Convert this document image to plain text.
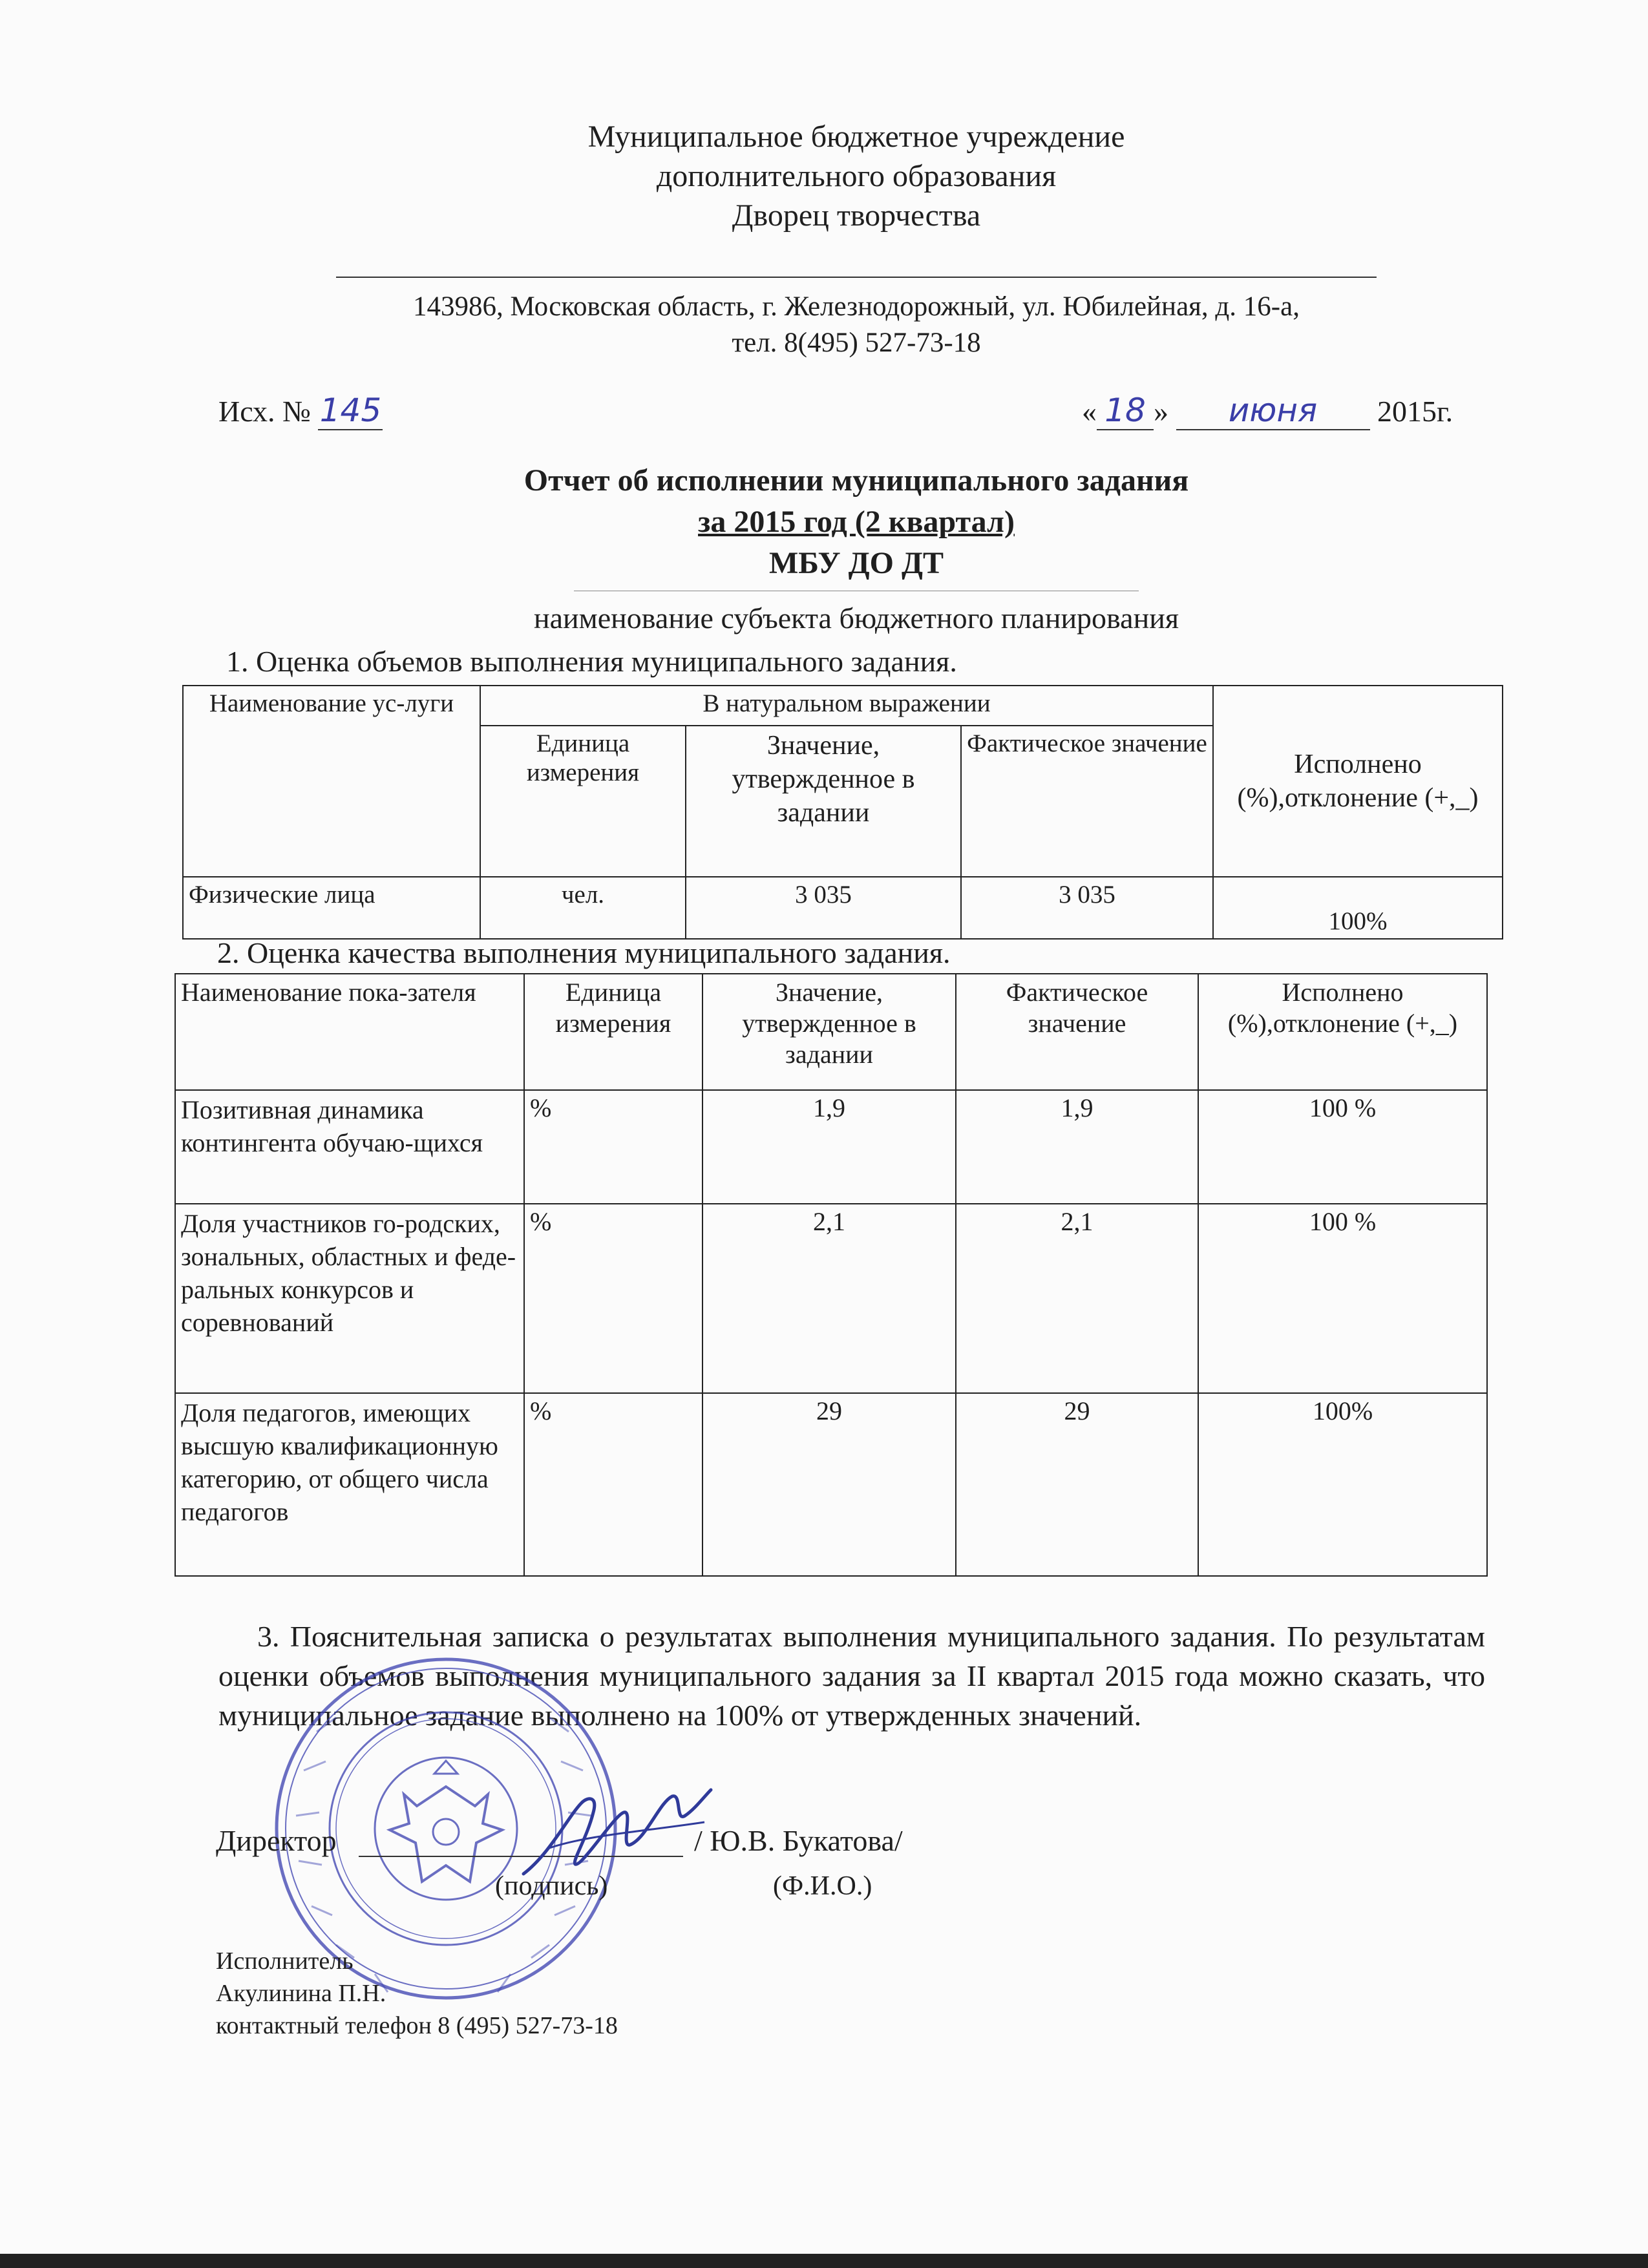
Муниципальное бюджетное учреждение
дополнительного образования
Дворец творчества
143986, Московская область, г. Железнодорожный, ул. Юбилейная, д. 16-а,
тел. 8(495) 527-73-18
Исх. № 145	« 18 » июня 2015г.
Отчет об исполнении муниципального задания
за 2015 год (2 квартал)
МБУ ДО ДТ
наименование субъекта бюджетного планирования
1. Оценка объемов выполнения муниципального задания.
Наименование ус-луги	В натуральном выражении			Исполнено (%),отклонение (+,_)
	Единица измерения	Значение, утвержденное в задании	Фактическое значение	
Физические лица	чел.	3 035	3 035	100%
2. Оценка качества выполнения муниципального задания.
Наименование пока-зателя	Единица измерения	Значение, утвержденное в задании	Фактическое значение	Исполнено (%),отклонение (+,_)
Позитивная динамика контингента обучаю-щихся	%	1,9	1,9	100 %
Доля участников го-родских, зональных, областных и феде-ральных конкурсов и соревнований	%	2,1	2,1	100 %
Доля педагогов, имеющих высшую квалификационную категорию, от общего числа педагогов	%	29	29	100%
3. Пояснительная записка о результатах выполнения муниципального задания. По результатам оценки объемов выполнения муниципального задания за II квартал 2015 года можно сказать, что муниципальное задание выполнено на 100% от утвержденных значений.
Директор	/ Ю.В. Букатова/
(подпись)	(Ф.И.О.)
Исполнитель
Акулинина П.Н.
контактный телефон 8 (495) 527-73-18
